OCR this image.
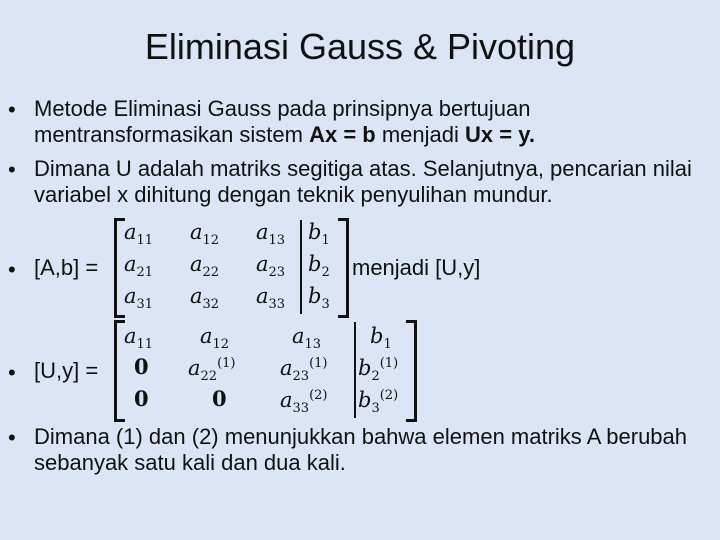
Eliminasi Gauss & Pivoting
• Metode Eliminasi Gauss pada prinsipnya bertujuan mentransformasikan sistem Ax = b menjadi Ux = y.
• Dimana U adalah matriks segitiga atas. Selanjutnya, pencarian nilai variabel x dihitung dengan teknik penyulihan mundur.
• [A,b] =
$a_{11}$ $a_{12}$ $a_{13}$ $b_1$
$a_{21}$ $a_{22}$ $a_{23}$ $b_2$
$a_{31}$ $a_{32}$ $a_{33}$ $b_3$
menjadi [U,y]
• [U,y] =
$a_{11}$ $a_{12}$	$a_{13}$ $b_1$
0 $a_{22}^{(1)}$ $a_{23}^{(1)}$ $b_2^{(1)}$
0	0	$a_{33}^{(2)}$ $b_3^{(2)}$
• Dimana (1) dan (2) menunjukkan bahwa elemen matriks A berubah sebanyak satu kali dan dua kali.
